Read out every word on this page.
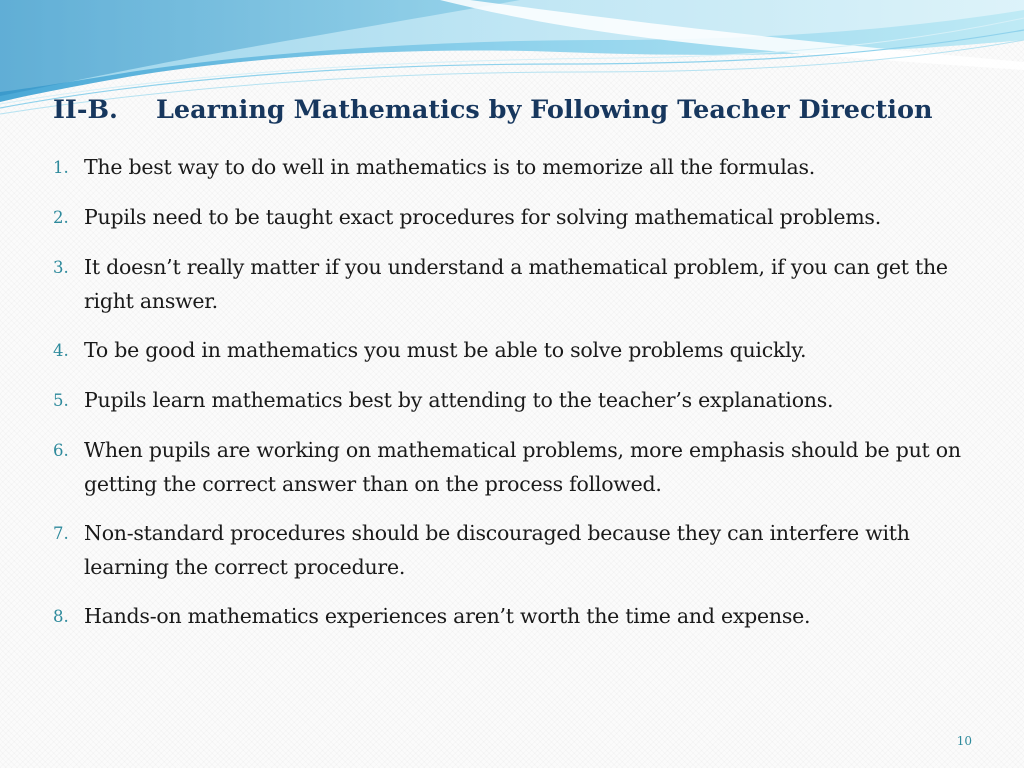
II-B. Learning Mathematics by Following Teacher Direction
1. The best way to do well in mathematics is to memorize all the formulas.
2. Pupils need to be taught exact procedures for solving mathematical problems.
3. It doesn’t really matter if you understand a mathematical problem, if you can get the right answer.
4. To be good in mathematics you must be able to solve problems quickly.
5. Pupils learn mathematics best by attending to the teacher’s explanations.
6. When pupils are working on mathematical problems, more emphasis should be put on getting the correct answer than on the process followed.
7. Non-standard procedures should be discouraged because they can interfere with learning the correct procedure.
8. Hands-on mathematics experiences aren’t worth the time and expense.
10
